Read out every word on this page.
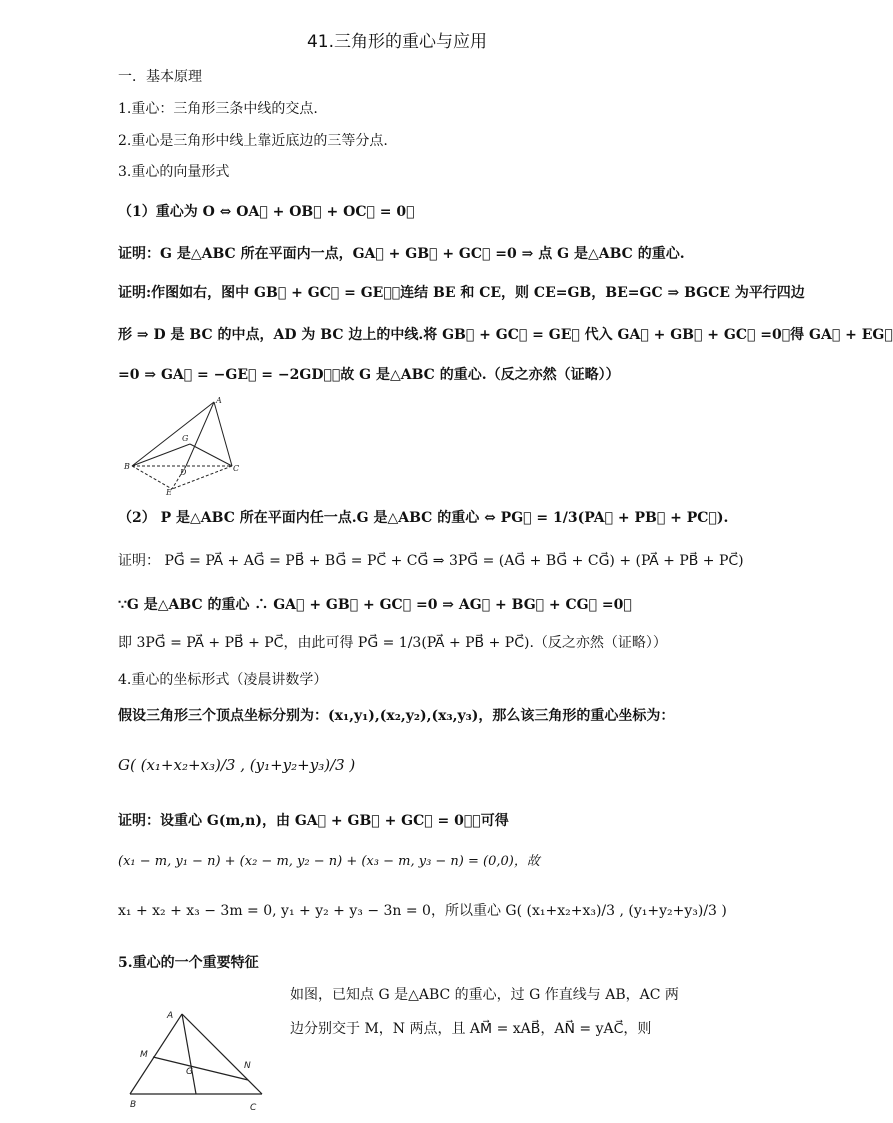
41.三角形的重心与应用
一．基本原理
1.重心：三角形三条中线的交点.
2.重心是三角形中线上靠近底边的三等分点.
3.重心的向量形式
（1）重心为 O ⇔ OA⃗ + OB⃗ + OC⃗ = 0⃗
证明：G 是△ABC 所在平面内一点，GA⃗ + GB⃗ + GC⃗ =0 ⇒ 点 G 是△ABC 的重心.
证明:作图如右，图中 GB⃗ + GC⃗ = GE⃗，连结 BE 和 CE，则 CE=GB，BE=GC ⇒ BGCE 为平行四边
形 ⇒ D 是 BC 的中点，AD 为 BC 边上的中线.将 GB⃗ + GC⃗ = GE⃗ 代入 GA⃗ + GB⃗ + GC⃗ =0，得 GA⃗ + EG⃗
=0 ⇒ GA⃗ = −GE⃗ = −2GD⃗，故 G 是△ABC 的重心.（反之亦然（证略））
A
B	C
G
D
E
（2） P 是△ABC 所在平面内任一点.G 是△ABC 的重心 ⇔ PG⃗ = 1/3(PA⃗ + PB⃗ + PC⃗).
证明： PG⃗ = PA⃗ + AG⃗ = PB⃗ + BG⃗ = PC⃗ + CG⃗ ⇒ 3PG⃗ = (AG⃗ + BG⃗ + CG⃗) + (PA⃗ + PB⃗ + PC⃗)
∵G 是△ABC 的重心 ∴ GA⃗ + GB⃗ + GC⃗ =0 ⇒ AG⃗ + BG⃗ + CG⃗ =0，
即 3PG⃗ = PA⃗ + PB⃗ + PC⃗，由此可得 PG⃗ = 1/3(PA⃗ + PB⃗ + PC⃗).（反之亦然（证略））
4.重心的坐标形式（凌晨讲数学）
假设三角形三个顶点坐标分别为：(x₁,y₁),(x₂,y₂),(x₃,y₃)，那么该三角形的重心坐标为：
G( (x₁+x₂+x₃)/3 , (y₁+y₂+y₃)/3 )
证明：设重心 G(m,n)，由 GA⃗ + GB⃗ + GC⃗ = 0⃗，可得
(x₁ − m, y₁ − n) + (x₂ − m, y₂ − n) + (x₃ − m, y₃ − n) = (0,0)，故
x₁ + x₂ + x₃ − 3m = 0, y₁ + y₂ + y₃ − 3n = 0，所以重心 G( (x₁+x₂+x₃)/3 , (y₁+y₂+y₃)/3 )
5.重心的一个重要特征
如图，已知点 G 是△ABC 的重心，过 G 作直线与 AB，AC 两
边分别交于 M，N 两点，且 AM⃗ = xAB⃗，AN⃗ = yAC⃗，则
A
B	C
G
M
N
